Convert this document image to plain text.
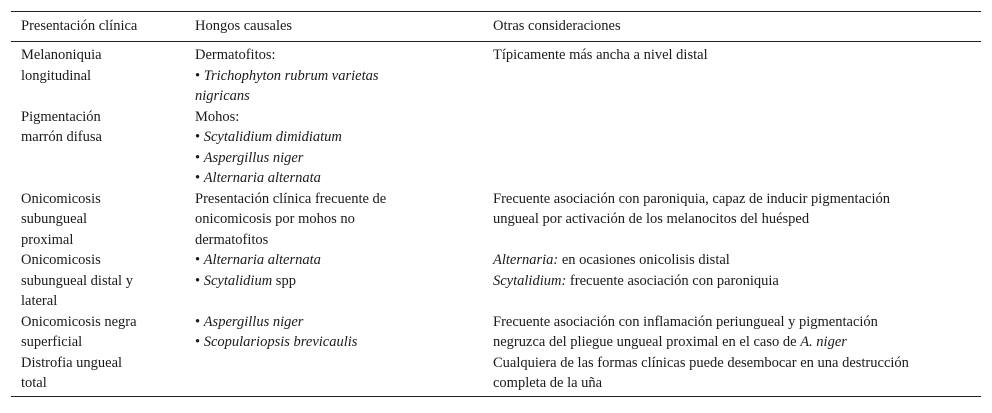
Presentación clínica	Hongos causales	Otras consideraciones
Melanoniquia
longitudinal
Dermatofitos:
• Trichophyton rubrum varietas
nigricans
Típicamente más ancha a nivel distal
Pigmentación
marrón difusa
Mohos:
• Scytalidium dimidiatum
• Aspergillus niger
• Alternaria alternata
Onicomicosis
subungueal
proximal
Presentación clínica frecuente de
onicomicosis por mohos no
dermatofitos
Frecuente asociación con paroniquia, capaz de inducir pigmentación
ungueal por activación de los melanocitos del huésped
Onicomicosis
subungueal distal y
lateral
• Alternaria alternata
• Scytalidium spp
Alternaria: en ocasiones onicolisis distal
Scytalidium: frecuente asociación con paroniquia
Onicomicosis negra
superficial
• Aspergillus niger
• Scopulariopsis brevicaulis
Frecuente asociación con inflamación periungueal y pigmentación
negruzca del pliegue ungueal proximal en el caso de A. niger
Distrofia ungueal
total
Cualquiera de las formas clínicas puede desembocar en una destrucción
completa de la uña
